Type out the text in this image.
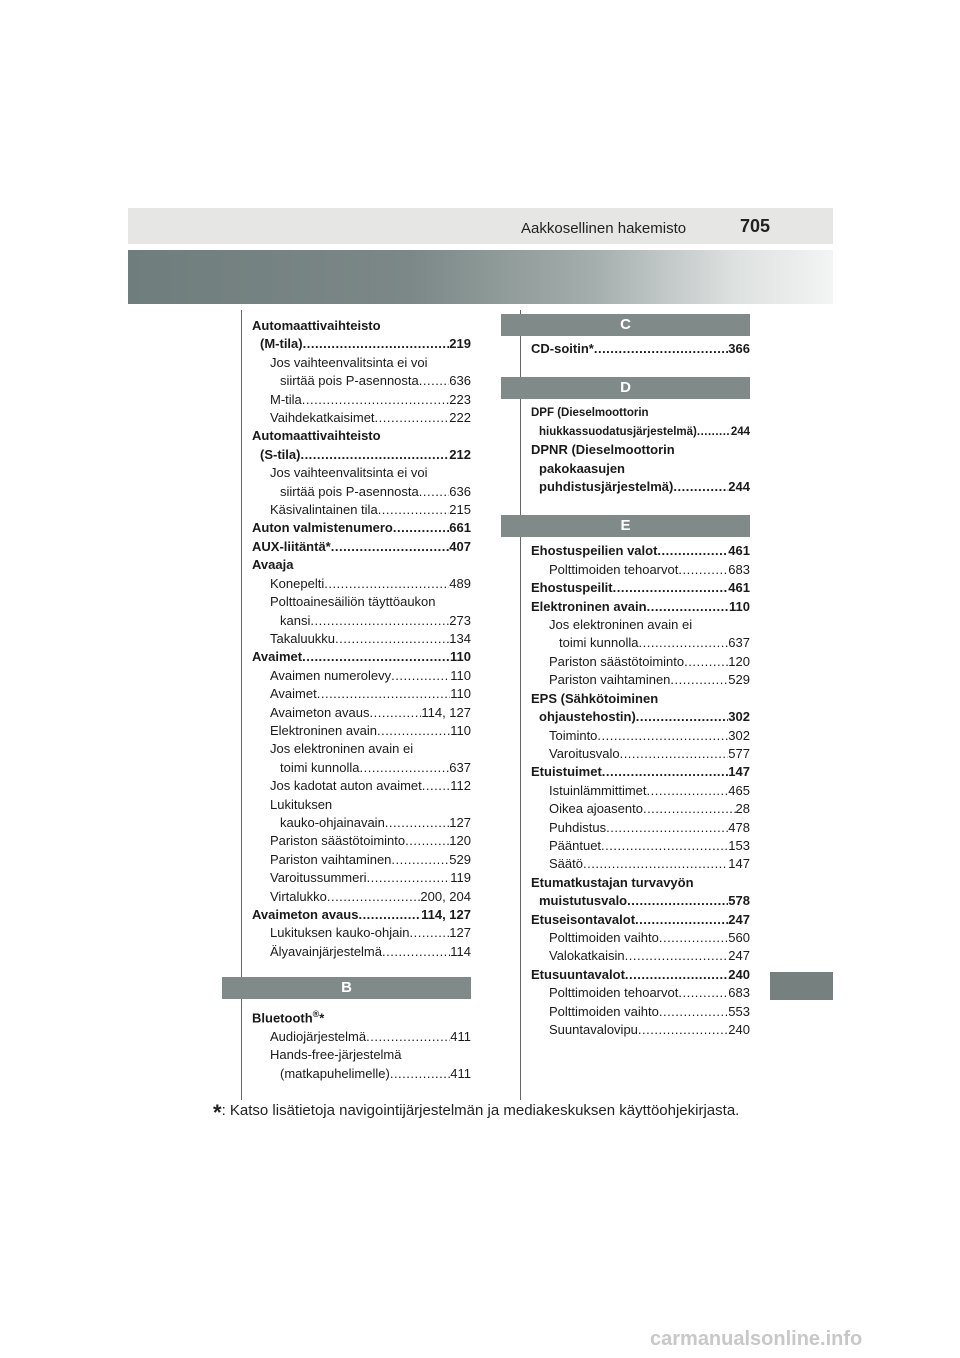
Aakkosellinen hakemisto	705
Automaattivaihteisto
(M-tila) .....	219
Jos vaihteenvalitsinta ei voi
siirtää pois P-asennosta ..... 636
M-tila .....	223
Vaihdekatkaisimet .....	222
Automaattivaihteisto
(S-tila) .....	212
Jos vaihteenvalitsinta ei voi
siirtää pois P-asennosta ..... 636
Käsivalintainen tila .....	215
Auton valmistenumero .....	661
AUX-liitäntä* .....	407
Avaaja
Konepelti .....	489
Polttoainesäiliön täyttöaukon
kansi .....	273
Takaluukku .....	134
Avaimet .....	110
Avaimen numerolevy .....	110
Avaimet .....	110
Avaimeton avaus .....	114, 127
Elektroninen avain .....	110
Jos elektroninen avain ei
toimi kunnolla .....	637
Jos kadotat auton avaimet ..... 112
Lukituksen
kauko-ohjainavain .....	127
Pariston säästötoiminto .....	120
Pariston vaihtaminen .....	529
Varoitussummeri .....	119
Virtalukko .....	200, 204
Avaimeton avaus .....	114, 127
Lukituksen kauko-ohjain .....	127
Älyavainjärjestelmä .....	114
B
Bluetooth®*
Audiojärjestelmä .....	411
Hands-free-järjestelmä
(matkapuhelimelle) .....	411
C
CD-soitin* .....	366
D
DPF (Dieselmoottorin
hiukkassuodatusjärjestelmä) .....	244
DPNR (Dieselmoottorin
pakokaasujen
puhdistusjärjestelmä) .....	244
E
Ehostuspeilien valot .....	461
Polttimoiden tehoarvot .....	683
Ehostuspeilit .....	461
Elektroninen avain .....	110
Jos elektroninen avain ei
toimi kunnolla .....	637
Pariston säästötoiminto .....	120
Pariston vaihtaminen .....	529
EPS (Sähkötoiminen
ohjaustehostin) .....	302
Toiminto .....	302
Varoitusvalo .....	577
Etuistuimet .....	147
Istuinlämmittimet .....	465
Oikea ajoasento .....	28
Puhdistus .....	478
Pääntuet .....	153
Säätö .....	147
Etumatkustajan turvavyön
muistutusvalo .....	578
Etuseisontavalot .....	247
Polttimoiden vaihto .....	560
Valokatkaisin .....	247
Etusuuntavalot .....	240
Polttimoiden tehoarvot .....	683
Polttimoiden vaihto .....	553
Suuntavalovipu .....	240
*: Katso lisätietoja navigointijärjestelmän ja mediakeskuksen käyttöohjekirjasta.
carmanualsonline.info
